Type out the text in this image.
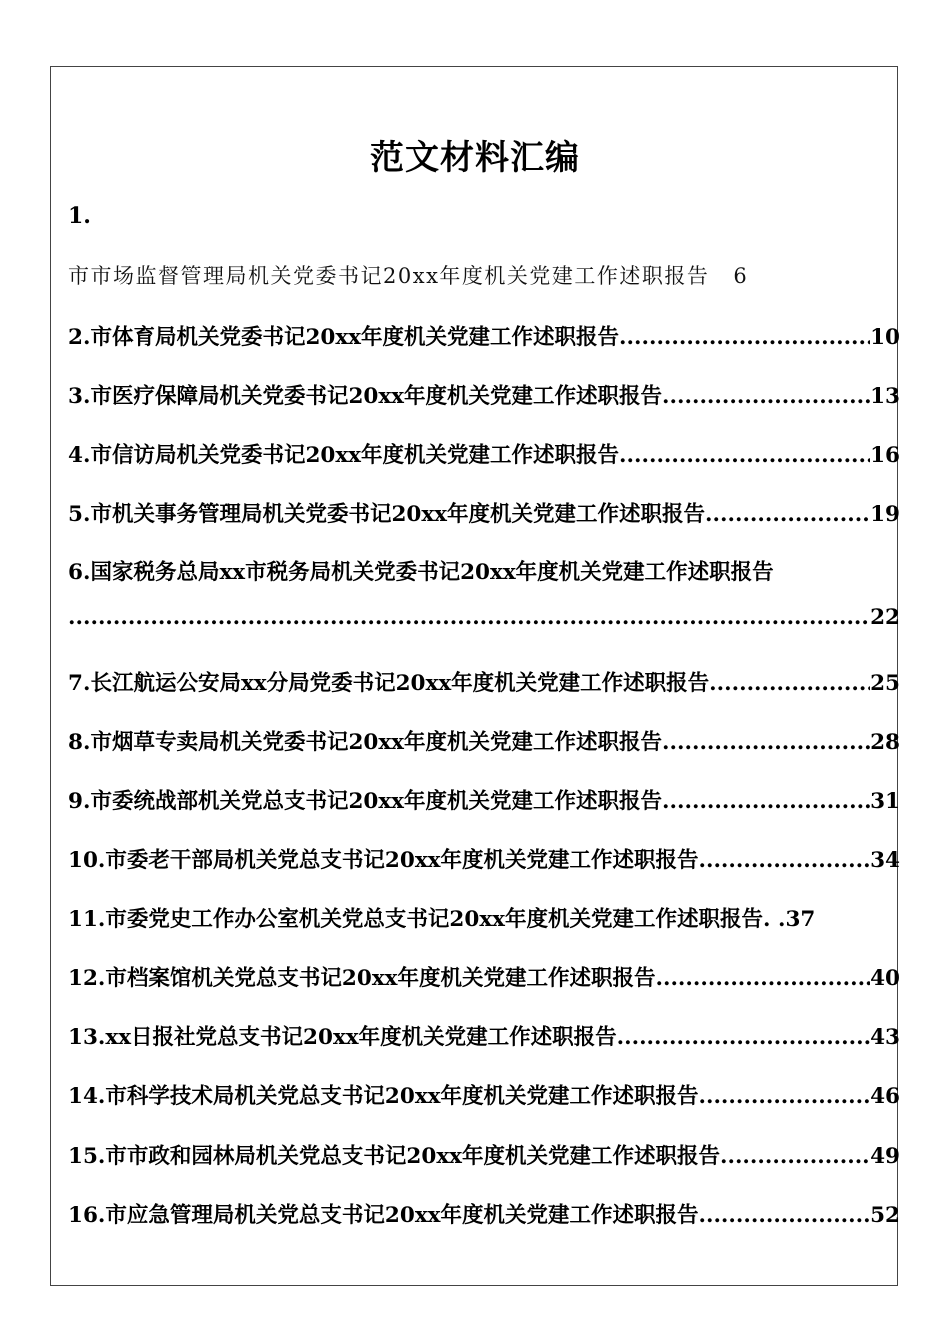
范文材料汇编
1.
市市场监督管理局机关党委书记20xx年度机关党建工作述职报告 6
2.市体育局机关党委书记20xx年度机关党建工作述职报告 .....	10
3.市医疗保障局机关党委书记20xx年度机关党建工作述职报告 .....	13
4.市信访局机关党委书记20xx年度机关党建工作述职报告 .....	16
5.市机关事务管理局机关党委书记20xx年度机关党建工作述职报告 .....	19
6.国家税务总局xx市税务局机关党委书记20xx年度机关党建工作述职报告
.....
22
7.长江航运公安局xx分局党委书记20xx年度机关党建工作述职报告 .....	25
8.市烟草专卖局机关党委书记20xx年度机关党建工作述职报告 .....	28
9.市委统战部机关党总支书记20xx年度机关党建工作述职报告 .....	31
10.市委老干部局机关党总支书记20xx年度机关党建工作述职报告 .....	34
11.市委党史工作办公室机关党总支书记20xx年度机关党建工作述职报告 . . 37
12.市档案馆机关党总支书记20xx年度机关党建工作述职报告 .....	40
13.xx日报社党总支书记20xx年度机关党建工作述职报告 .....	43
14.市科学技术局机关党总支书记20xx年度机关党建工作述职报告 .....	46
15.市市政和园林局机关党总支书记20xx年度机关党建工作述职报告 .....	49
16.市应急管理局机关党总支书记20xx年度机关党建工作述职报告 .....	52
